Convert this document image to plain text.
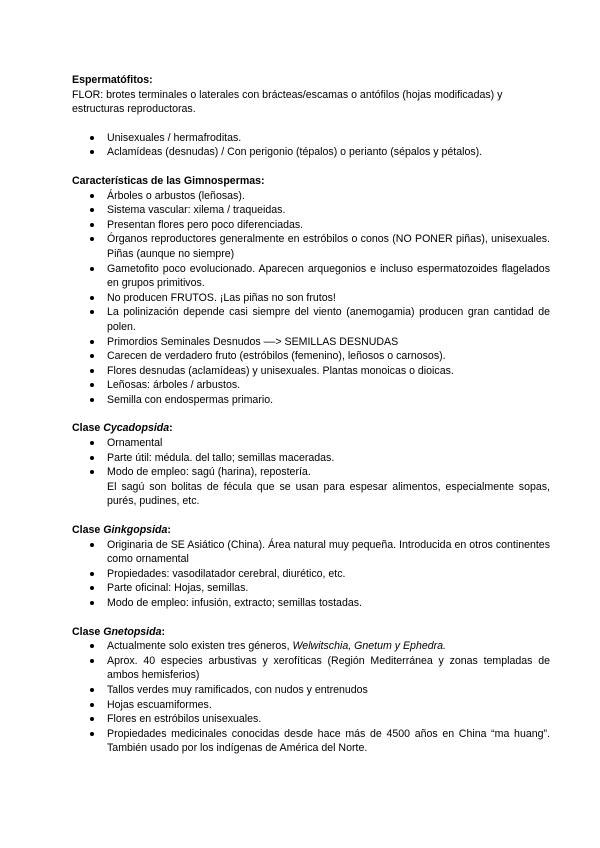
Espermatófitos:

FLOR: brotes terminales o laterales con brácteas/escamas o antófilos (hojas modificadas) y
estructuras reproductoras.

Unisexuales / hermafroditas.
Aclamídeas (desnudas) / Con perigonio (tépalos) o perianto (sépalos y pétalos).
Características de las Gimnospermas:
Árboles o arbustos (leñosas).
Sistema vascular: xilema / traqueidas.
Presentan flores pero poco diferenciadas.
Órganos reproductores generalmente en estróbilos o conos (NO PONER piñas), unisexuales. Piñas (aunque no siempre)
Gametofito poco evolucionado. Aparecen arquegonios e incluso espermatozoides flagelados en grupos primitivos.
No producen FRUTOS. ¡Las piñas no son frutos!
La polinización depende casi siempre del viento (anemogamia) producen gran cantidad de polen.
Primordios Seminales Desnudos ––> SEMILLAS DESNUDAS
Carecen de verdadero fruto (estróbilos (femenino), leñosos o carnosos).
Flores desnudas (aclamídeas) y unisexuales. Plantas monoicas o dioicas.
Leñosas: árboles / arbustos.
Semilla con endospermas primario.
Clase Cycadopsida:
Ornamental
Parte útil: médula. del tallo; semillas maceradas.
Modo de empleo: sagú (harina), repostería.
El sagú son bolitas de fécula que se usan para espesar alimentos, especialmente sopas, purés, pudines, etc.
Clase Ginkgopsida:
Originaria de SE Asiático (China). Área natural muy pequeña. Introducida en otros continentes como ornamental
Propiedades: vasodilatador cerebral, diurético, etc.
Parte oficinal: Hojas, semillas.
Modo de empleo: infusión, extracto; semillas tostadas.
Clase Gnetopsida:
Actualmente solo existen tres géneros, Welwitschia, Gnetum y Ephedra.
Aprox. 40 especies arbustivas y xerofíticas (Región Mediterránea y zonas templadas de ambos hemisferios)
Tallos verdes muy ramificados, con nudos y entrenudos
Hojas escuamiformes.
Flores en estróbilos unisexuales.
Propiedades medicinales conocidas desde hace más de 4500 años en China “ma huang”. También usado por los indígenas de América del Norte.
